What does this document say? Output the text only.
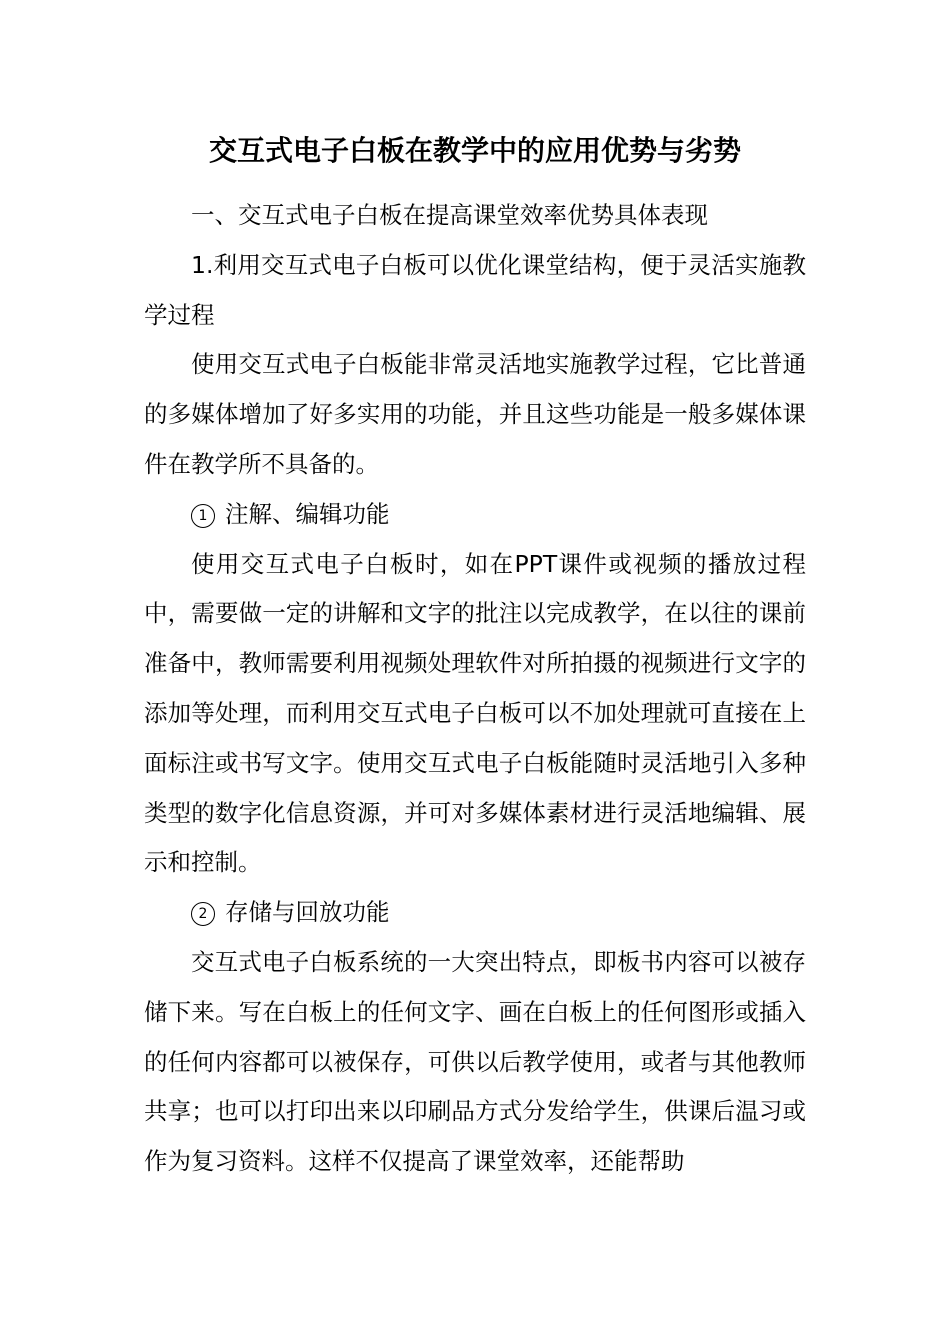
交互式电子白板在教学中的应用优势与劣势

一、交互式电子白板在提高课堂效率优势具体表现

1.利用交互式电子白板可以优化课堂结构，便于灵活实施教学过程

使用交互式电子白板能非常灵活地实施教学过程，它比普通的多媒体增加了好多实用的功能，并且这些功能是一般多媒体课件在教学所不具备的。

1 注解、编辑功能

使用交互式电子白板时，如在PPT课件或视频的播放过程中，需要做一定的讲解和文字的批注以完成教学，在以往的课前准备中，教师需要利用视频处理软件对所拍摄的视频进行文字的添加等处理，而利用交互式电子白板可以不加处理就可直接在上面标注或书写文字。使用交互式电子白板能随时灵活地引入多种类型的数字化信息资源，并可对多媒体素材进行灵活地编辑、展示和控制。

2 存储与回放功能

交互式电子白板系统的一大突出特点，即板书内容可以被存储下来。写在白板上的任何文字、画在白板上的任何图形或插入的任何内容都可以被保存，可供以后教学使用，或者与其他教师共享；也可以打印出来以印刷品方式分发给学生，供课后温习或作为复习资料。这样不仅提高了课堂效率，还能帮助
